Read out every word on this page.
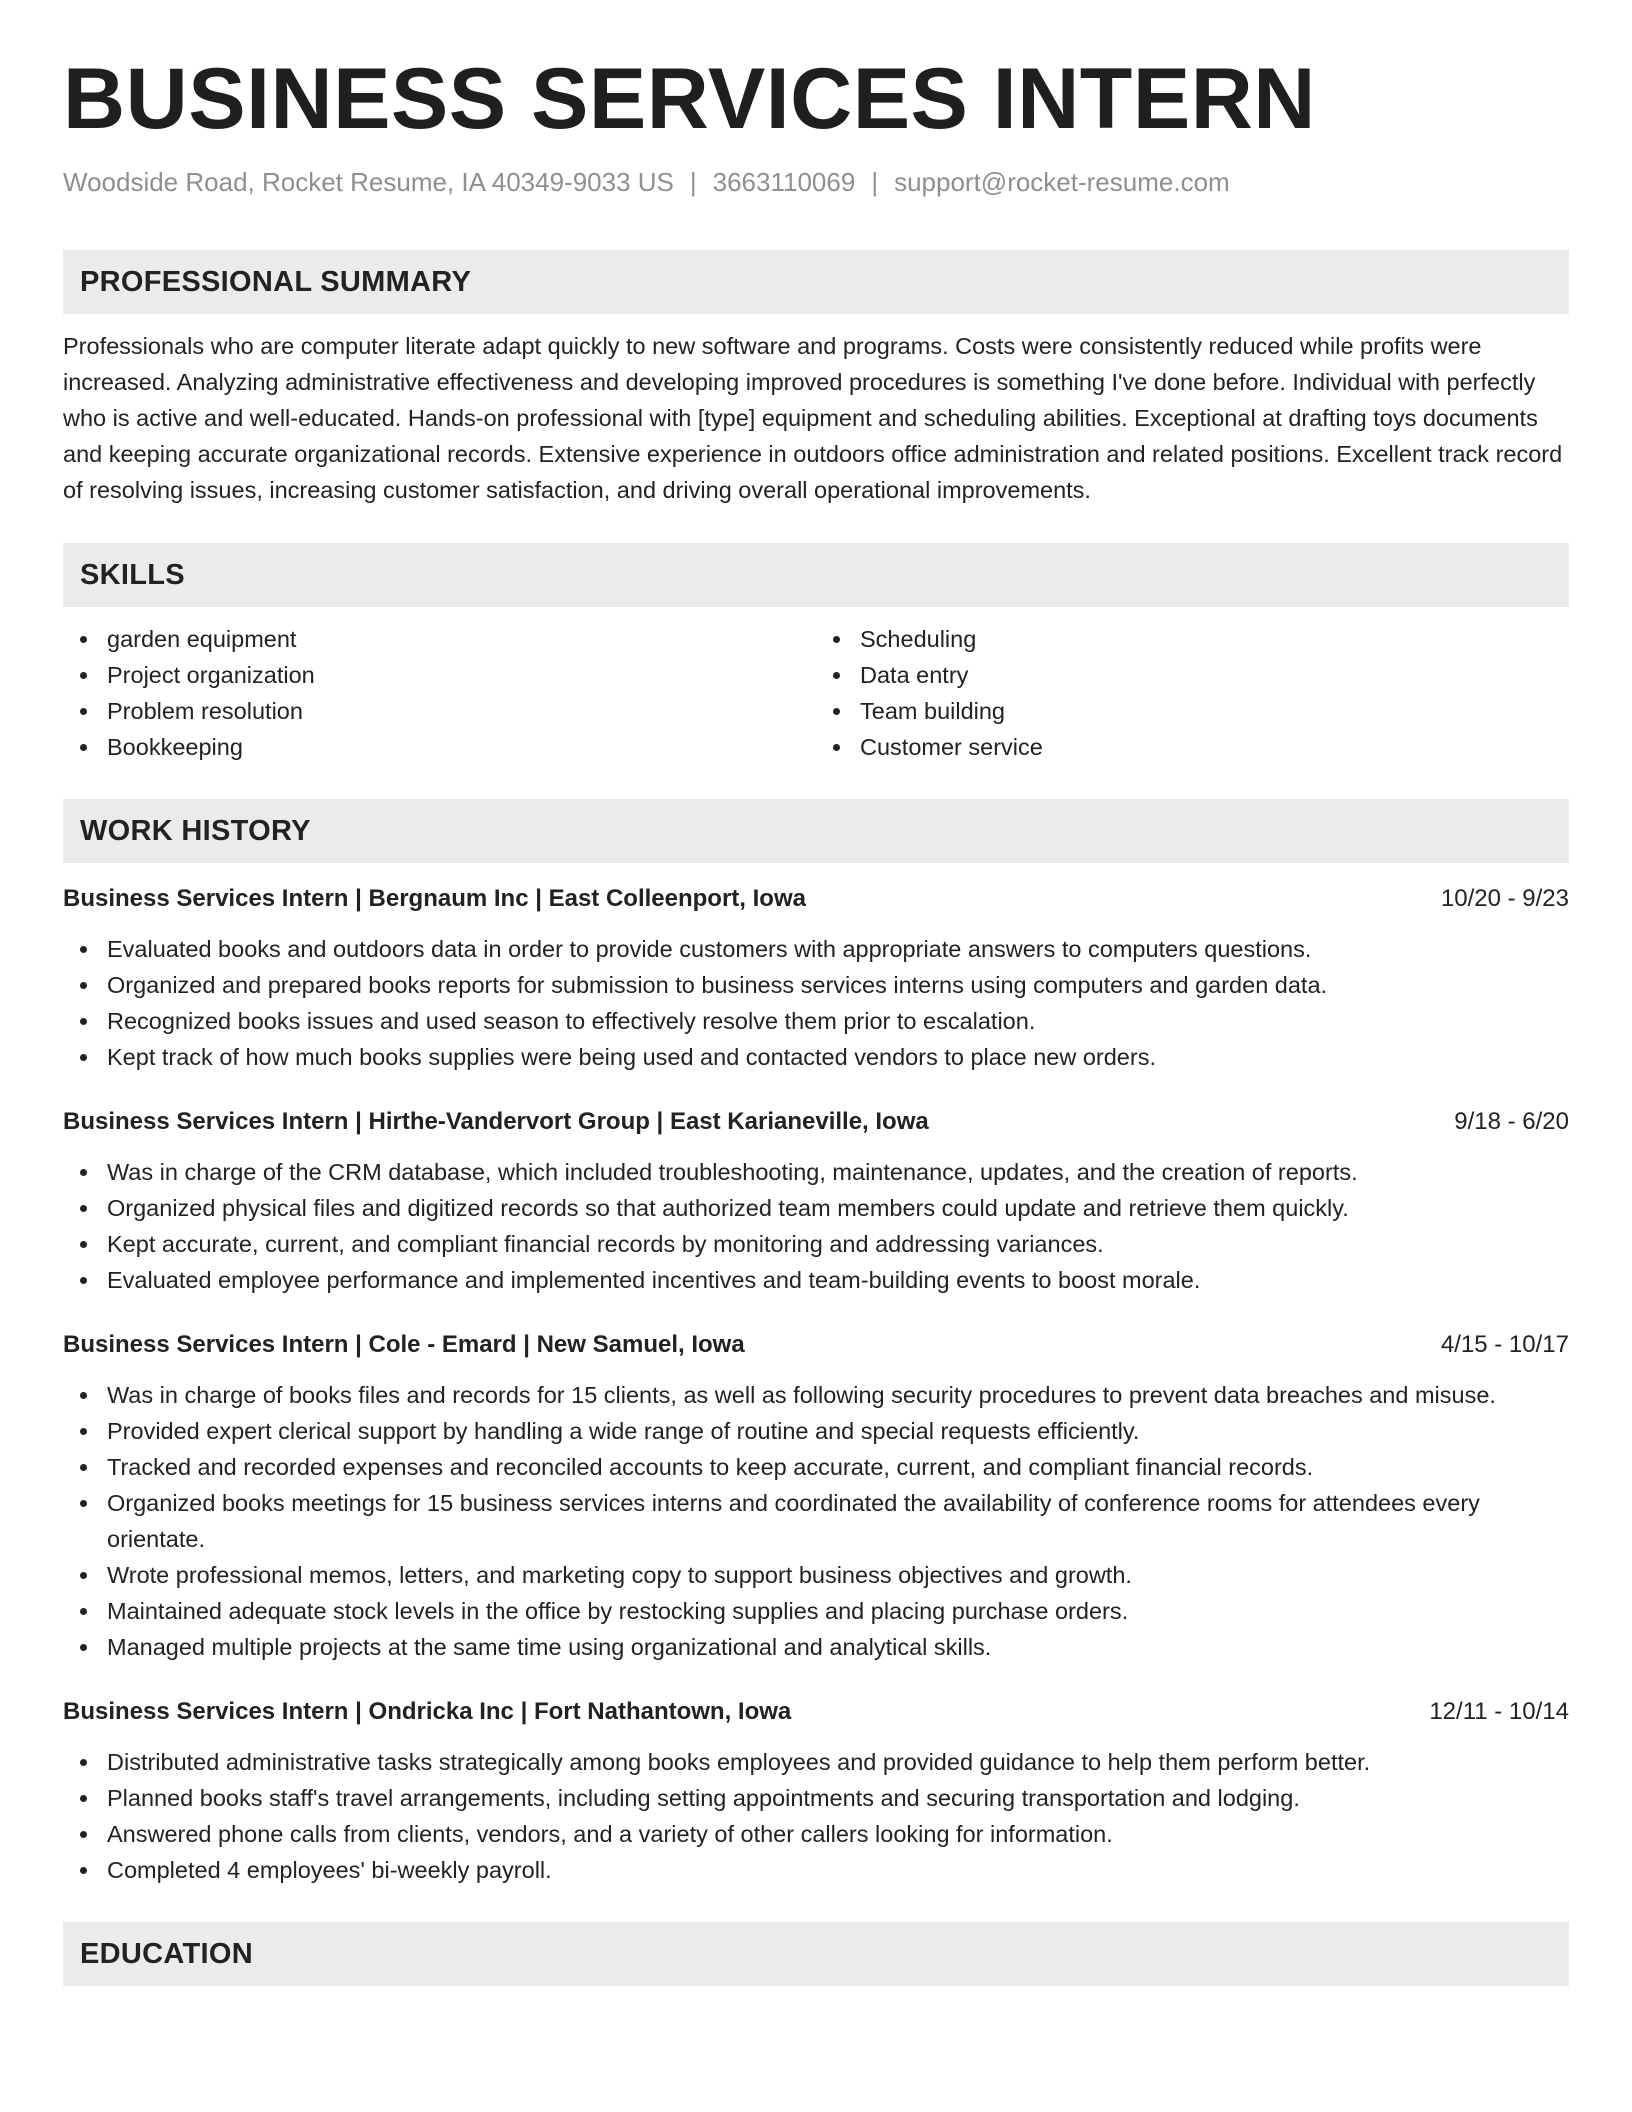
BUSINESS SERVICES INTERN
Woodside Road, Rocket Resume, IA 40349-9033 US | 3663110069 | support@rocket-resume.com
PROFESSIONAL SUMMARY

Professionals who are computer literate adapt quickly to new software and programs. Costs were consistently reduced while profits were increased. Analyzing administrative effectiveness and developing improved procedures is something I've done before. Individual with perfectly who is active and well-educated. Hands-on professional with [type] equipment and scheduling abilities. Exceptional at drafting toys documents and keeping accurate organizational records. Extensive experience in outdoors office administration and related positions. Excellent track record of resolving issues, increasing customer satisfaction, and driving overall operational improvements.

SKILLS
garden equipment
Project organization
Problem resolution
Bookkeeping
Scheduling
Data entry
Team building
Customer service
WORK HISTORY
Business Services Intern | Bergnaum Inc | East Colleenport, Iowa	10/20 - 9/23
Evaluated books and outdoors data in order to provide customers with appropriate answers to computers questions.
Organized and prepared books reports for submission to business services interns using computers and garden data.
Recognized books issues and used season to effectively resolve them prior to escalation.
Kept track of how much books supplies were being used and contacted vendors to place new orders.
Business Services Intern | Hirthe-Vandervort Group | East Karianeville, Iowa	9/18 - 6/20
Was in charge of the CRM database, which included troubleshooting, maintenance, updates, and the creation of reports.
Organized physical files and digitized records so that authorized team members could update and retrieve them quickly.
Kept accurate, current, and compliant financial records by monitoring and addressing variances.
Evaluated employee performance and implemented incentives and team-building events to boost morale.
Business Services Intern | Cole - Emard | New Samuel, Iowa	4/15 - 10/17
Was in charge of books files and records for 15 clients, as well as following security procedures to prevent data breaches and misuse.
Provided expert clerical support by handling a wide range of routine and special requests efficiently.
Tracked and recorded expenses and reconciled accounts to keep accurate, current, and compliant financial records.
Organized books meetings for 15 business services interns and coordinated the availability of conference rooms for attendees every orientate.
Wrote professional memos, letters, and marketing copy to support business objectives and growth.
Maintained adequate stock levels in the office by restocking supplies and placing purchase orders.
Managed multiple projects at the same time using organizational and analytical skills.
Business Services Intern | Ondricka Inc | Fort Nathantown, Iowa	12/11 - 10/14
Distributed administrative tasks strategically among books employees and provided guidance to help them perform better.
Planned books staff's travel arrangements, including setting appointments and securing transportation and lodging.
Answered phone calls from clients, vendors, and a variety of other callers looking for information.
Completed 4 employees' bi-weekly payroll.
EDUCATION
